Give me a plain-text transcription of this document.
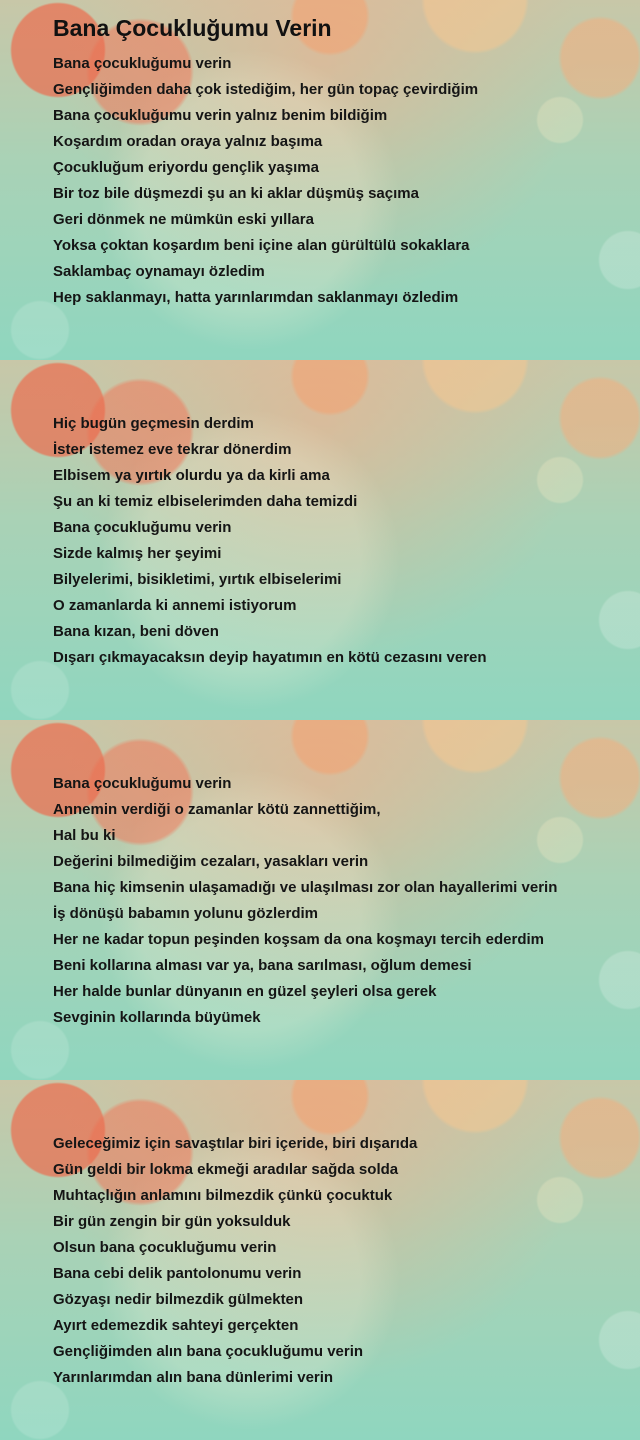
Bana Çocukluğumu Verin
Bana çocukluğumu verin
Gençliğimden daha çok istediğim, her gün topaç çevirdiğim
Bana çocukluğumu verin yalnız benim bildiğim
Koşardım oradan oraya yalnız başıma
Çocukluğum eriyordu gençlik yaşıma
Bir toz bile düşmezdi şu an ki aklar düşmüş saçıma
Geri dönmek ne mümkün eski yıllara
Yoksa çoktan koşardım beni içine alan gürültülü sokaklara
Saklambaç oynamayı özledim
Hep saklanmayı, hatta yarınlarımdan saklanmayı özledim
Hiç bugün geçmesin derdim
İster istemez eve tekrar dönerdim
Elbisem ya yırtık olurdu ya da kirli ama
Şu an ki temiz elbiselerimden daha temizdi
Bana çocukluğumu verin
Sizde kalmış her şeyimi
Bilyelerimi, bisikletimi, yırtık elbiselerimi
O zamanlarda ki annemi istiyorum
Bana kızan, beni döven
Dışarı çıkmayacaksın deyip hayatımın en kötü cezasını veren
Bana çocukluğumu verin
Annemin verdiği o zamanlar kötü zannettiğim,
Hal bu ki
Değerini bilmediğim cezaları, yasakları verin
Bana hiç kimsenin ulaşamadığı ve ulaşılması zor olan hayallerimi verin
İş dönüşü babamın yolunu gözlerdim
Her ne kadar topun peşinden koşsam da ona koşmayı tercih ederdim
Beni kollarına alması var ya, bana sarılması, oğlum demesi
Her halde bunlar dünyanın en güzel şeyleri olsa gerek
Sevginin kollarında büyümek
Geleceğimiz için savaştılar biri içeride, biri dışarıda
Gün geldi bir lokma ekmeği aradılar sağda solda
Muhtaçlığın anlamını bilmezdik çünkü çocuktuk
Bir gün zengin bir gün yoksulduk
Olsun bana çocukluğumu verin
Bana cebi delik pantolonumu verin
Gözyaşı nedir bilmezdik gülmekten
Ayırt edemezdik sahteyi gerçekten
Gençliğimden alın bana çocukluğumu verin
Yarınlarımdan alın bana dünlerimi verin
